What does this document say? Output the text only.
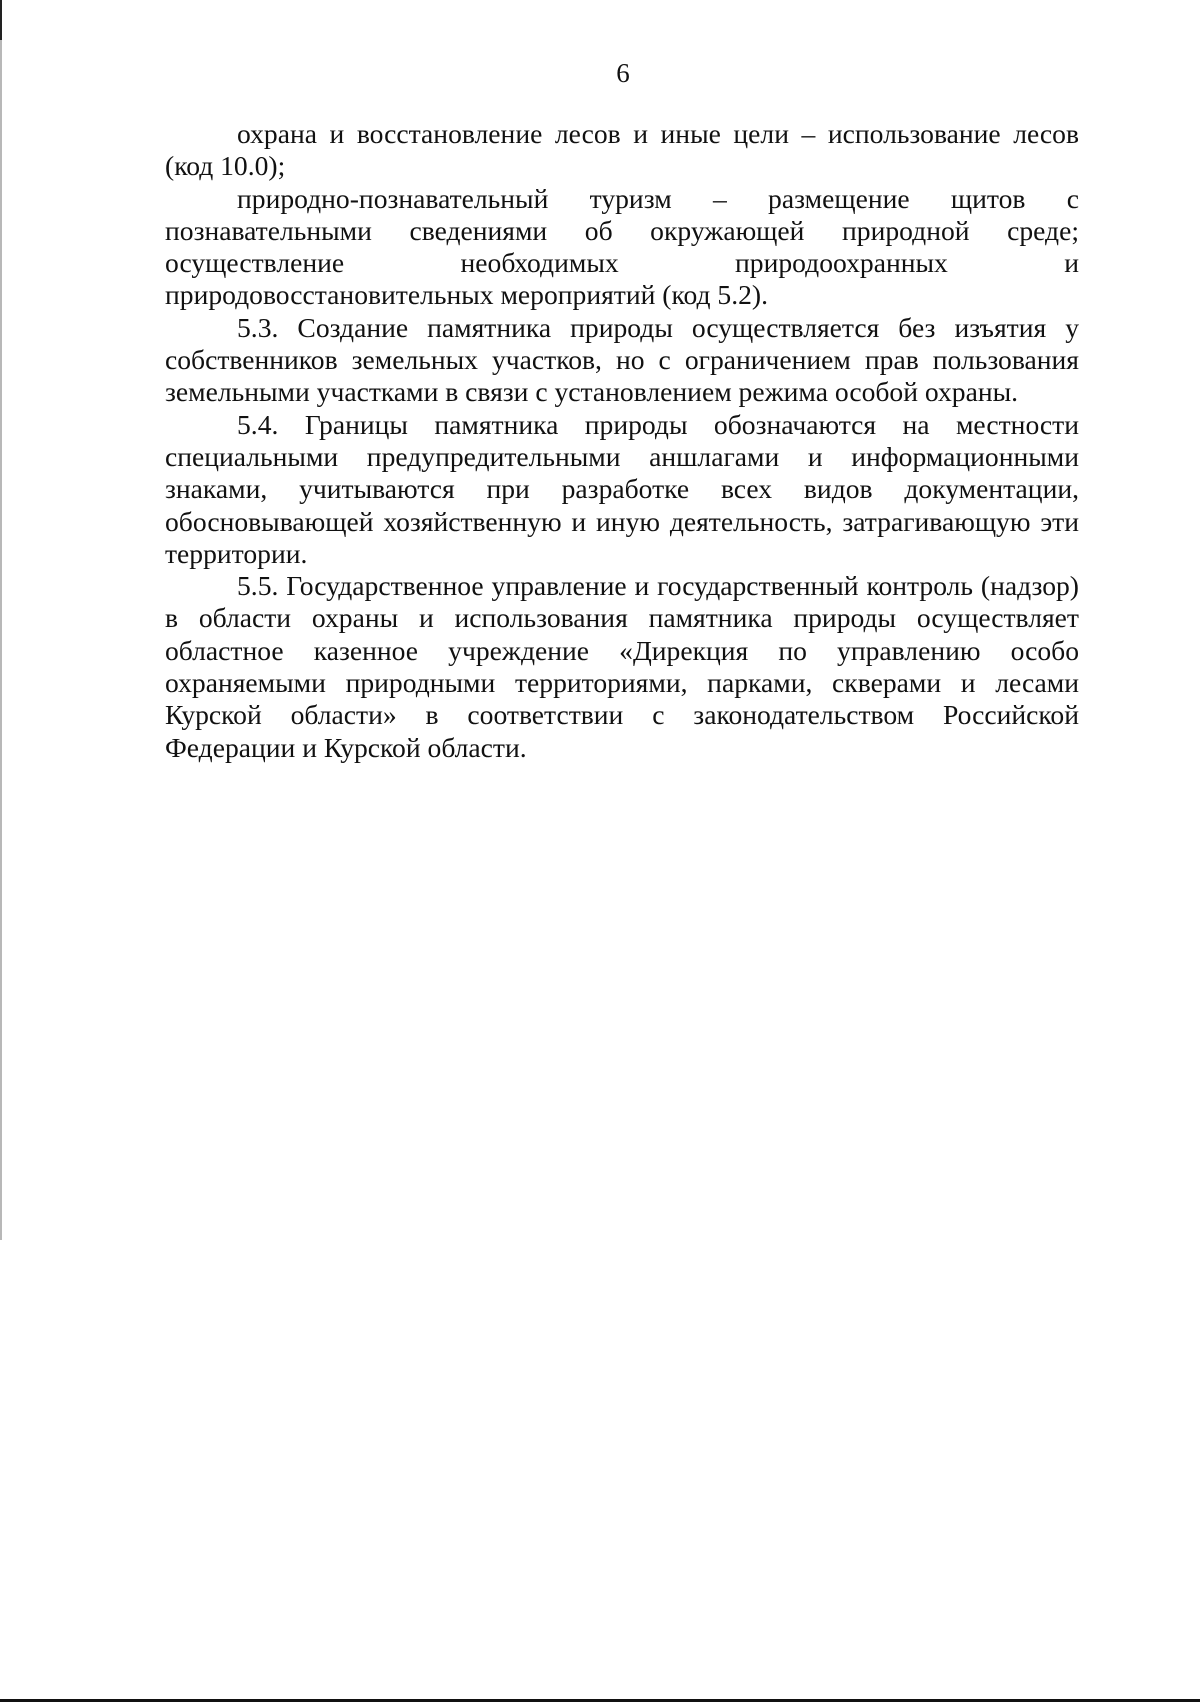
6

охрана и восстановление лесов и иные цели – использование лесов (код 10.0);

природно-познавательный туризм – размещение щитов с познавательными сведениями об окружающей природной среде; осуществление необходимых природоохранных и природовосстановительных мероприятий (код 5.2).

5.3. Создание памятника природы осуществляется без изъятия у собственников земельных участков, но с ограничением прав пользования земельными участками в связи с установлением режима особой охраны.

5.4. Границы памятника природы обозначаются на местности специальными предупредительными аншлагами и информационными знаками, учитываются при разработке всех видов документации, обосновывающей хозяйственную и иную деятельность, затрагивающую эти территории.

5.5. Государственное управление и государственный контроль (надзор) в области охраны и использования памятника природы осуществляет областное казенное учреждение «Дирекция по управлению особо охраняемыми природными территориями, парками, скверами и лесами Курской области» в соответствии с законодательством Российской Федерации и Курской области.
